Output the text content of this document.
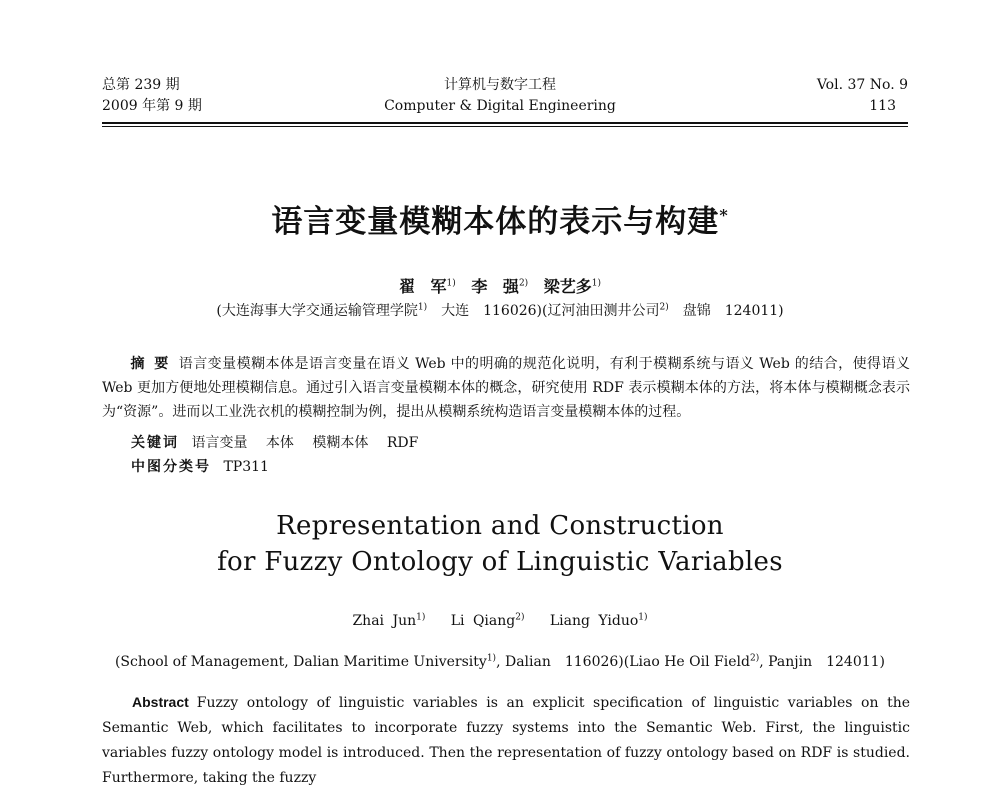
总第 239 期
2009 年第 9 期
计算机与数字工程
Computer & Digital Engineering
Vol. 37 No. 9
113
语言变量模糊本体的表示与构建*
翟 军$^{1)}$ 李 强$^{2)}$ 梁艺多$^{1)}$
(大连海事大学交通运输管理学院$^{1)}$　 大连　116026)(辽河油田测井公司$^{2)}$　 盘锦　124011)
摘 要 语言变量模糊本体是语言变量在语义 Web 中的明确的规范化说明，有利于模糊系统与语义 Web 的结合，使得语义 Web 更加方便地处理模糊信息。通过引入语言变量模糊本体的概念，研究使用 RDF 表示模糊本体的方法，将本体与模糊概念表示为“资源”。进而以工业洗衣机的模糊控制为例，提出从模糊系统构造语言变量模糊本体的过程。
关键词 语言变量 本体 模糊本体 RDF
中图分类号 TP311
Representation and Construction
for Fuzzy Ontology of Linguistic Variables
Zhai Jun$^{1)}$ Li Qiang$^{2)}$ Liang Yiduo$^{1)}$
(School of Management, Dalian Maritime University$^{1)}$, Dalian　116026)(Liao He Oil Field$^{2)}$, Panjin　124011)
Abstract Fuzzy ontology of linguistic variables is an explicit specification of linguistic variables on the Semantic Web, which facilitates to incorporate fuzzy systems into the Semantic Web. First, the linguistic variables fuzzy ontology model is introduced. Then the representation of fuzzy ontology based on RDF is studied. Furthermore, taking the fuzzy
